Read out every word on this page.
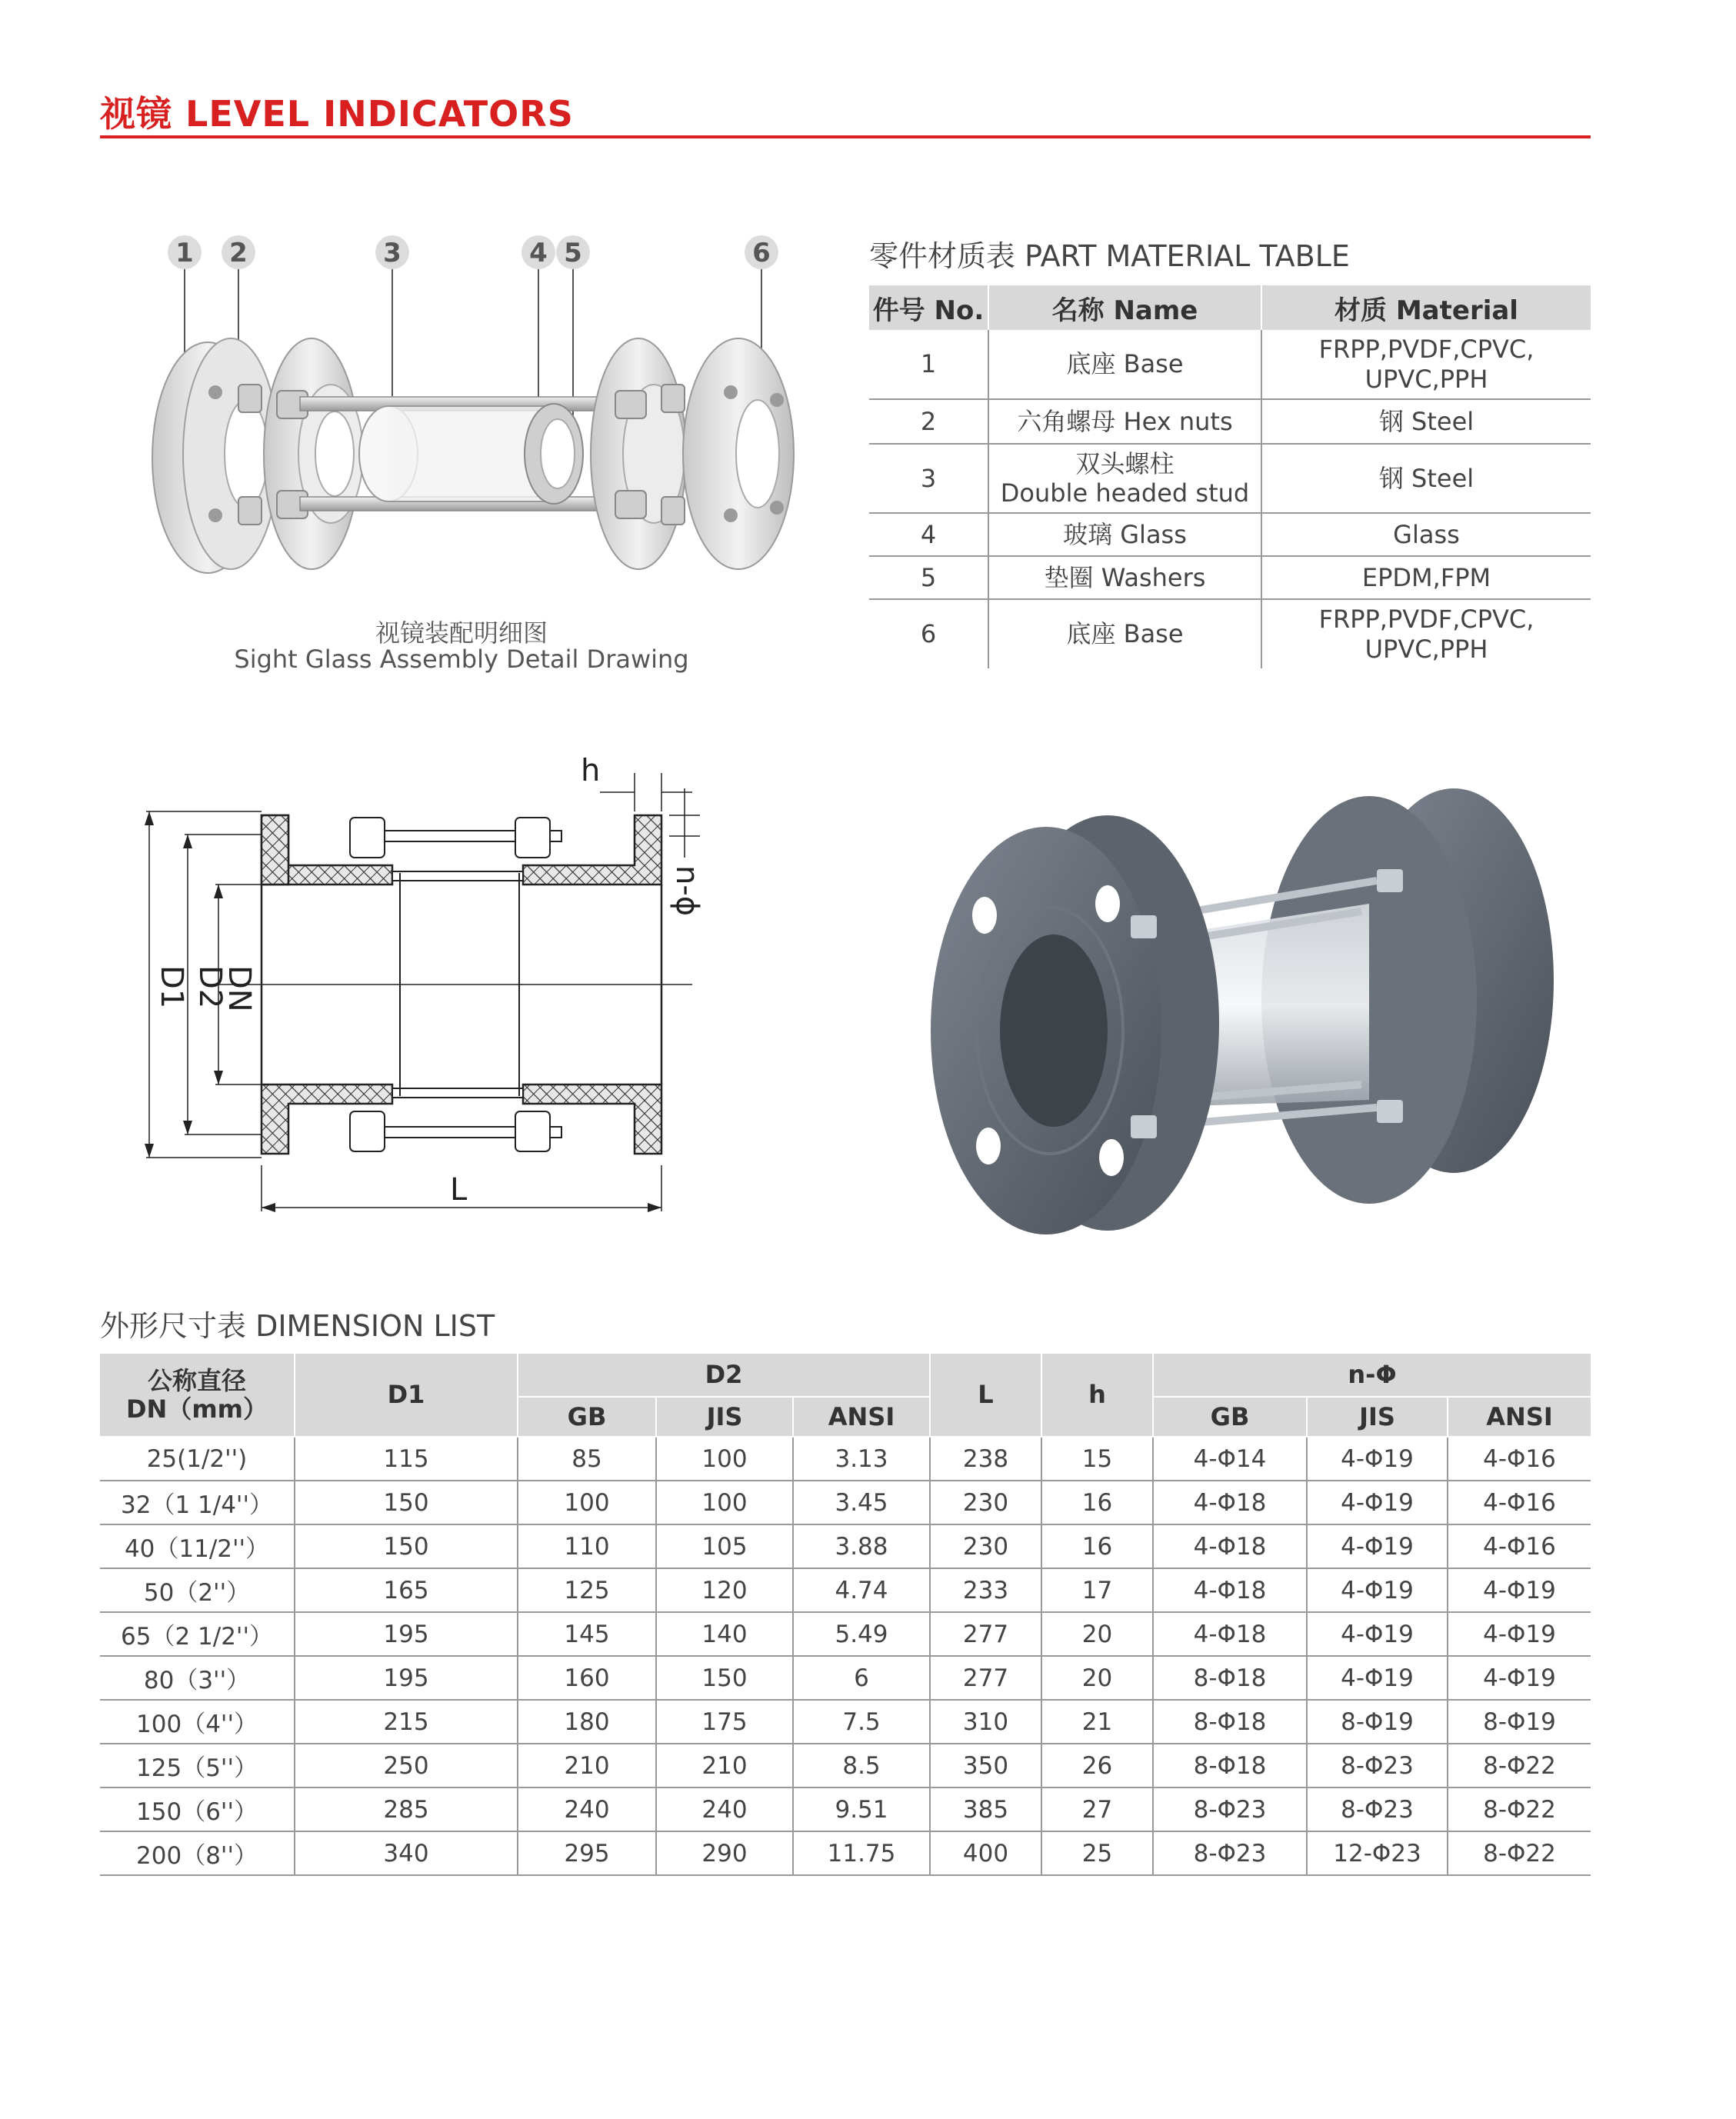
视镜 LEVEL INDICATORS
1 2	3	4 5	6
视镜装配明细图
Sight Glass Assembly Detail Drawing
零件材质表 PART MATERIAL TABLE
件号 No.	名称 Name	材质 Material
1	底座 Base	FRPP,PVDF,CPVC,
UPVC,PPH
2	六角螺母 Hex nuts	钢 Steel
3	双头螺柱
Double headed stud	钢 Steel
4	玻璃 Glass	Glass
5	垫圈 Washers	EPDM,FPM
6	底座 Base	FRPP,PVDF,CPVC,
UPVC,PPH
h
n-ϕ
D1 D2
DN
L
外形尺寸表 DIMENSION LIST
公称直径
DN（mm）	D1	D2			L	h	n-Φ		
		GB	JIS	ANSI			GB	JIS	ANSI
25(1/2'')	115	85	100	3.13	238	15	4-Φ14	4-Φ19	4-Φ16
32（1 1/4''）	150	100	100	3.45	230	16	4-Φ18	4-Φ19	4-Φ16
40（11/2''）	150	110	105	3.88	230	16	4-Φ18	4-Φ19	4-Φ16
50（2''）	165	125	120	4.74	233	17	4-Φ18	4-Φ19	4-Φ19
65（2 1/2''）	195	145	140	5.49	277	20	4-Φ18	4-Φ19	4-Φ19
80（3''）	195	160	150	6	277	20	8-Φ18	4-Φ19	4-Φ19
100（4''）	215	180	175	7.5	310	21	8-Φ18	8-Φ19	8-Φ19
125（5''）	250	210	210	8.5	350	26	8-Φ18	8-Φ23	8-Φ22
150（6''）	285	240	240	9.51	385	27	8-Φ23	8-Φ23	8-Φ22
200（8''）	340	295	290	11.75	400	25	8-Φ23	12-Φ23	8-Φ22
